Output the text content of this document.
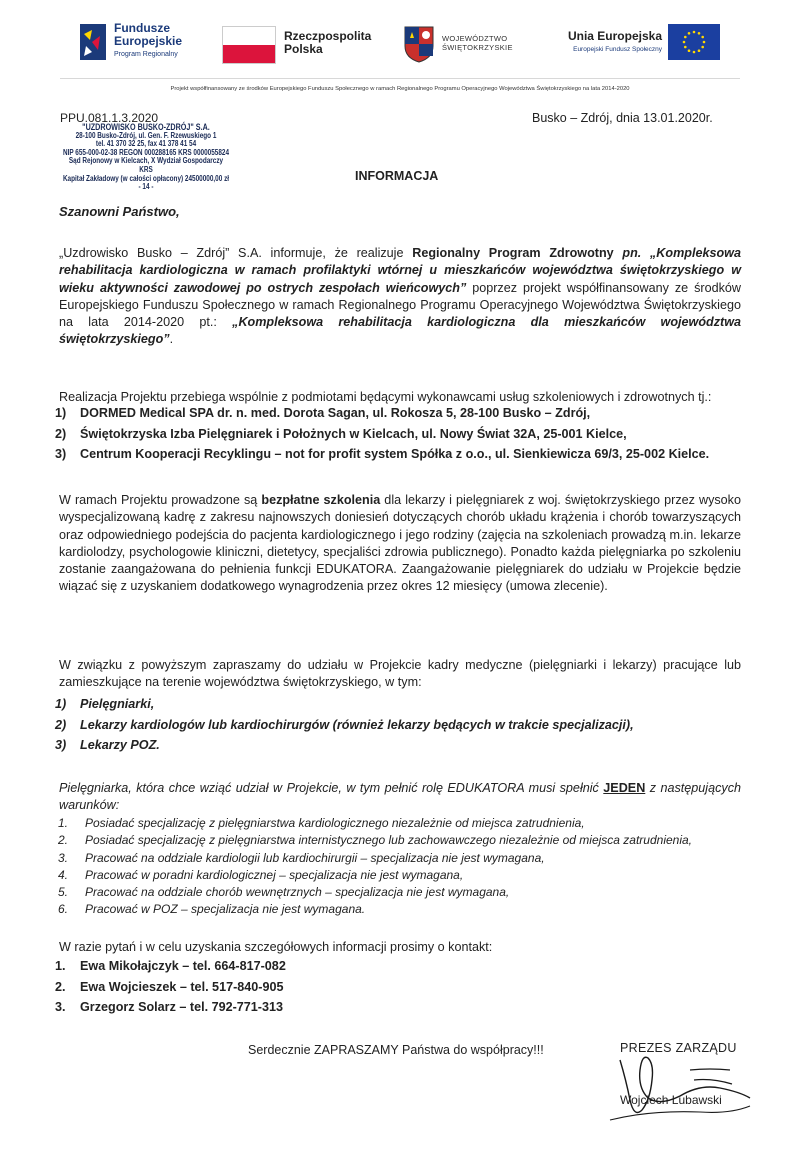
Fundusze
Europejskie
Program Regionalny
Rzeczpospolita
Polska
WOJEWÓDZTWO
ŚWIĘTOKRZYSKIE
Unia Europejska
Europejski Fundusz Społeczny
Projekt współfinansowany ze środków Europejskiego Funduszu Społecznego w ramach Regionalnego Programu Operacyjnego Województwa Świętokrzyskiego na lata 2014-2020
PPU.081.1.3.2020
"UZDROWISKO BUSKO-ZDRÓJ" S.A.
28-100 Busko-Zdrój, ul. Gen. F. Rzewuskiego 1
tel. 41 370 32 25, fax 41 378 41 54
NIP 655-000-02-38 REGON 000288165 KRS 0000055824
Sąd Rejonowy w Kielcach, X Wydział Gospodarczy KRS
Kapitał Zakładowy (w całości opłacony) 24500000,00 zł
- 14 -
Busko – Zdrój, dnia 13.01.2020r.
INFORMACJA
Szanowni Państwo,

„Uzdrowisko Busko – Zdrój” S.A. informuje, że realizuje Regionalny Program Zdrowotny pn. „Kompleksowa rehabilitacja kardiologiczna w ramach profilaktyki wtórnej u mieszkańców województwa świętokrzyskiego w wieku aktywności zawodowej po ostrych zespołach wieńcowych” poprzez projekt współfinansowany ze środków Europejskiego Funduszu Społecznego w ramach Regionalnego Programu Operacyjnego Województwa Świętokrzyskiego na lata 2014-2020 pt.: „Kompleksowa rehabilitacja kardiologiczna dla mieszkańców województwa świętokrzyskiego”.

Realizacja Projektu przebiega wspólnie z podmiotami będącymi wykonawcami usług szkoleniowych i zdrowotnych tj.:
1) DORMED Medical SPA dr. n. med. Dorota Sagan, ul. Rokosza 5, 28-100 Busko – Zdrój,
2) Świętokrzyska Izba Pielęgniarek i Położnych w Kielcach, ul. Nowy Świat 32A, 25-001 Kielce,
3) Centrum Kooperacji Recyklingu – not for profit system Spółka z o.o., ul. Sienkiewicza 69/3, 25-002 Kielce.

W ramach Projektu prowadzone są bezpłatne szkolenia dla lekarzy i pielęgniarek z woj. świętokrzyskiego przez wysoko wyspecjalizowaną kadrę z zakresu najnowszych doniesień dotyczących chorób układu krążenia i chorób towarzyszących oraz odpowiedniego podejścia do pacjenta kardiologicznego i jego rodziny (zajęcia na szkoleniach prowadzą m.in. lekarze kardiolodzy, psychologowie kliniczni, dietetycy, specjaliści zdrowia publicznego). Ponadto każda pielęgniarka po szkoleniu zostanie zaangażowana do pełnienia funkcji EDUKATORA. Zaangażowanie pielęgniarek do udziału w Projekcie będzie wiązać się z uzyskaniem dodatkowego wynagrodzenia przez okres 12 miesięcy (umowa zlecenie).

W związku z powyższym zapraszamy do udziału w Projekcie kadry medyczne (pielęgniarki i lekarzy) pracujące lub zamieszkujące na terenie województwa świętokrzyskiego, w tym:

1) Pielęgniarki,
2) Lekarzy kardiologów lub kardiochirurgów (również lekarzy będących w trakcie specjalizacji),
3) Lekarzy POZ.

Pielęgniarka, która chce wziąć udział w Projekcie, w tym pełnić rolę EDUKATORA musi spełnić JEDEN z następujących warunków:

1. Posiadać specjalizację z pielęgniarstwa kardiologicznego niezależnie od miejsca zatrudnienia,
2. Posiadać specjalizację z pielęgniarstwa internistycznego lub zachowawczego niezależnie od miejsca zatrudnienia,
3. Pracować na oddziale kardiologii lub kardiochirurgii – specjalizacja nie jest wymagana,
4. Pracować w poradni kardiologicznej – specjalizacja nie jest wymagana,
5. Pracować na oddziale chorób wewnętrznych – specjalizacja nie jest wymagana,
6. Pracować w POZ – specjalizacja nie jest wymagana.
W razie pytań i w celu uzyskania szczegółowych informacji prosimy o kontakt:
1. Ewa Mikołajczyk – tel. 664-817-082
2. Ewa Wojcieszek – tel. 517-840-905
3. Grzegorz Solarz – tel. 792-771-313
Serdecznie ZAPRASZAMY Państwa do współpracy!!!	PREZES ZARZĄDU
Wojciech Lubawski
